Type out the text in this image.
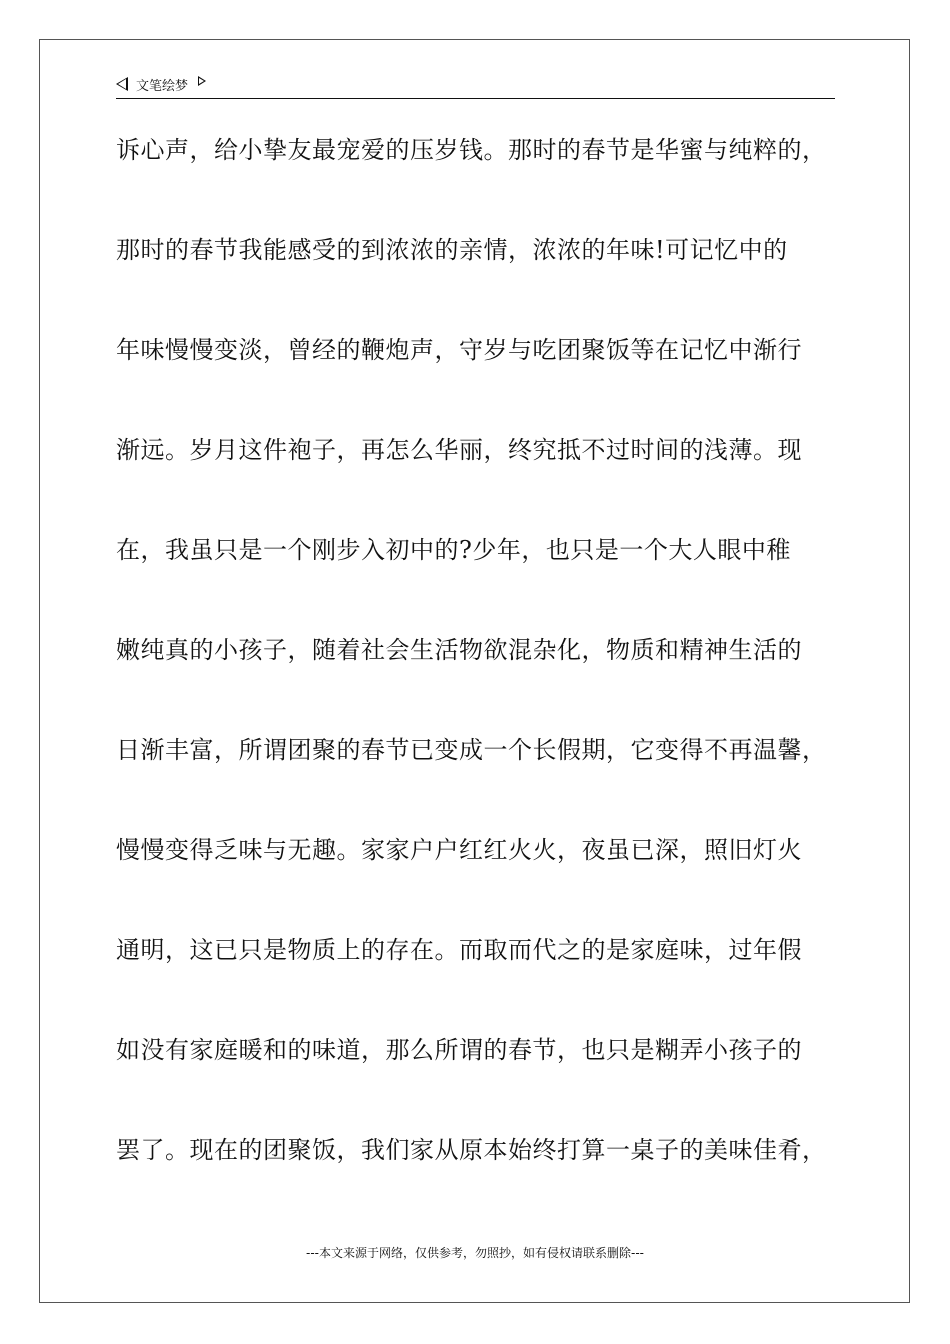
文笔绘梦
诉心声，给小挚友最宠爱的压岁钱。那时的春节是华蜜与纯粹的，
那时的春节我能感受的到浓浓的亲情，浓浓的年味!可记忆中的
年味慢慢变淡，曾经的鞭炮声，守岁与吃团聚饭等在记忆中渐行
渐远。岁月这件袍子，再怎么华丽，终究抵不过时间的浅薄。现
在，我虽只是一个刚步入初中的?少年，也只是一个大人眼中稚
嫩纯真的小孩子，随着社会生活物欲混杂化，物质和精神生活的
日渐丰富，所谓团聚的春节已变成一个长假期，它变得不再温馨，
慢慢变得乏味与无趣。家家户户红红火火，夜虽已深，照旧灯火
通明，这已只是物质上的存在。而取而代之的是家庭味，过年假
如没有家庭暖和的味道，那么所谓的春节，也只是糊弄小孩子的
罢了。现在的团聚饭，我们家从原本始终打算一桌子的美味佳肴，
---本文来源于网络，仅供参考，勿照抄，如有侵权请联系删除---
